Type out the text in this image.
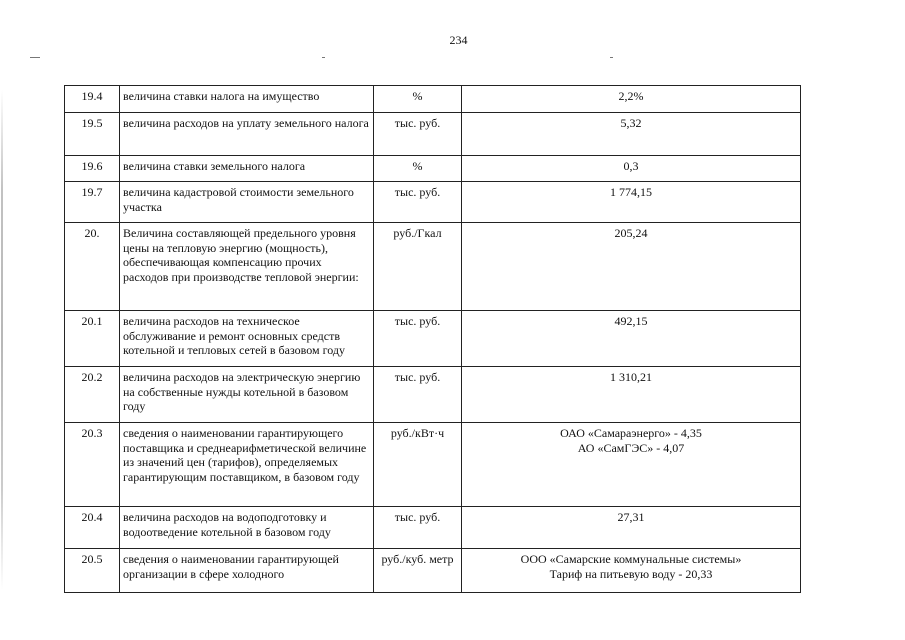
234
19.4	величина ставки налога на имущество	%	2,2%

19.5	величина расходов на уплату земельного налога	тыс. руб.	5,32

19.6	величина ставки земельного налога	%	0,3

19.7	величина кадастровой стоимости земельного участка	тыс. руб.	1 774,15

20.	Величина составляющей предельного уровня цены на тепловую энергию (мощность), обеспечивающая компенсацию прочих расходов при производстве тепловой энергии:	руб./Гкал	205,24

20.1	величина расходов на техническое обслуживание и ремонт основных средств котельной и тепловых сетей в базовом году	тыс. руб.	492,15

20.2	величина расходов на электрическую энергию на собственные нужды котельной в базовом году	тыс. руб.	1 310,21

20.3	сведения о наименовании гарантирующего поставщика и среднеарифметической величине из значений цен (тарифов), определяемых гарантирующим поставщиком, в базовом году	руб./кВт·ч	ОАО «Самараэнерго» - 4,35
АО «СамГЭС» - 4,07

20.4	величина расходов на водоподготовку и водоотведение котельной в базовом году	тыс. руб.	27,31

20.5	сведения о наименовании гарантирующей организации в сфере холодного	руб./куб. метр	ООО «Самарские коммунальные системы»
Тариф на питьевую воду - 20,33
